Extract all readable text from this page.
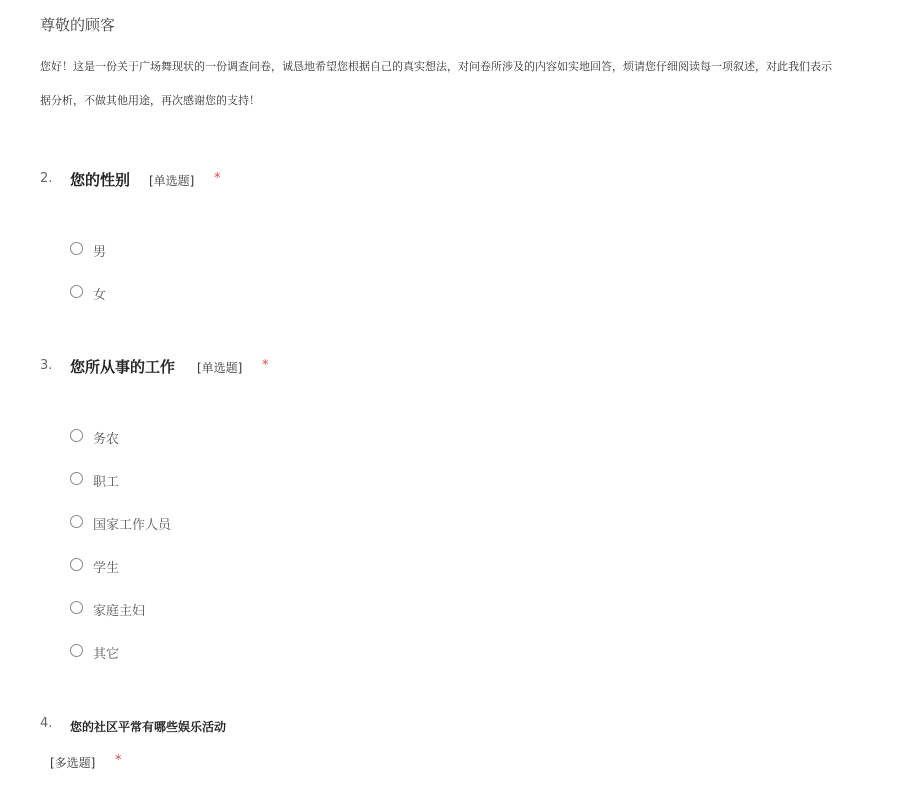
尊敬的顾客
您好！这是一份关于广场舞现状的一份调查问卷，诚恳地希望您根据自己的真实想法，对问卷所涉及的内容如实地回答，烦请您仔细阅读每一项叙述，对此我们表示
据分析，不做其他用途，再次感谢您的支持！
2. 您的性别 [单选题] *
男
女
3. 您所从事的工作 [单选题] *
务农
职工
国家工作人员
学生
家庭主妇
其它
4. 您的社区平常有哪些娱乐活动
[多选题] *
